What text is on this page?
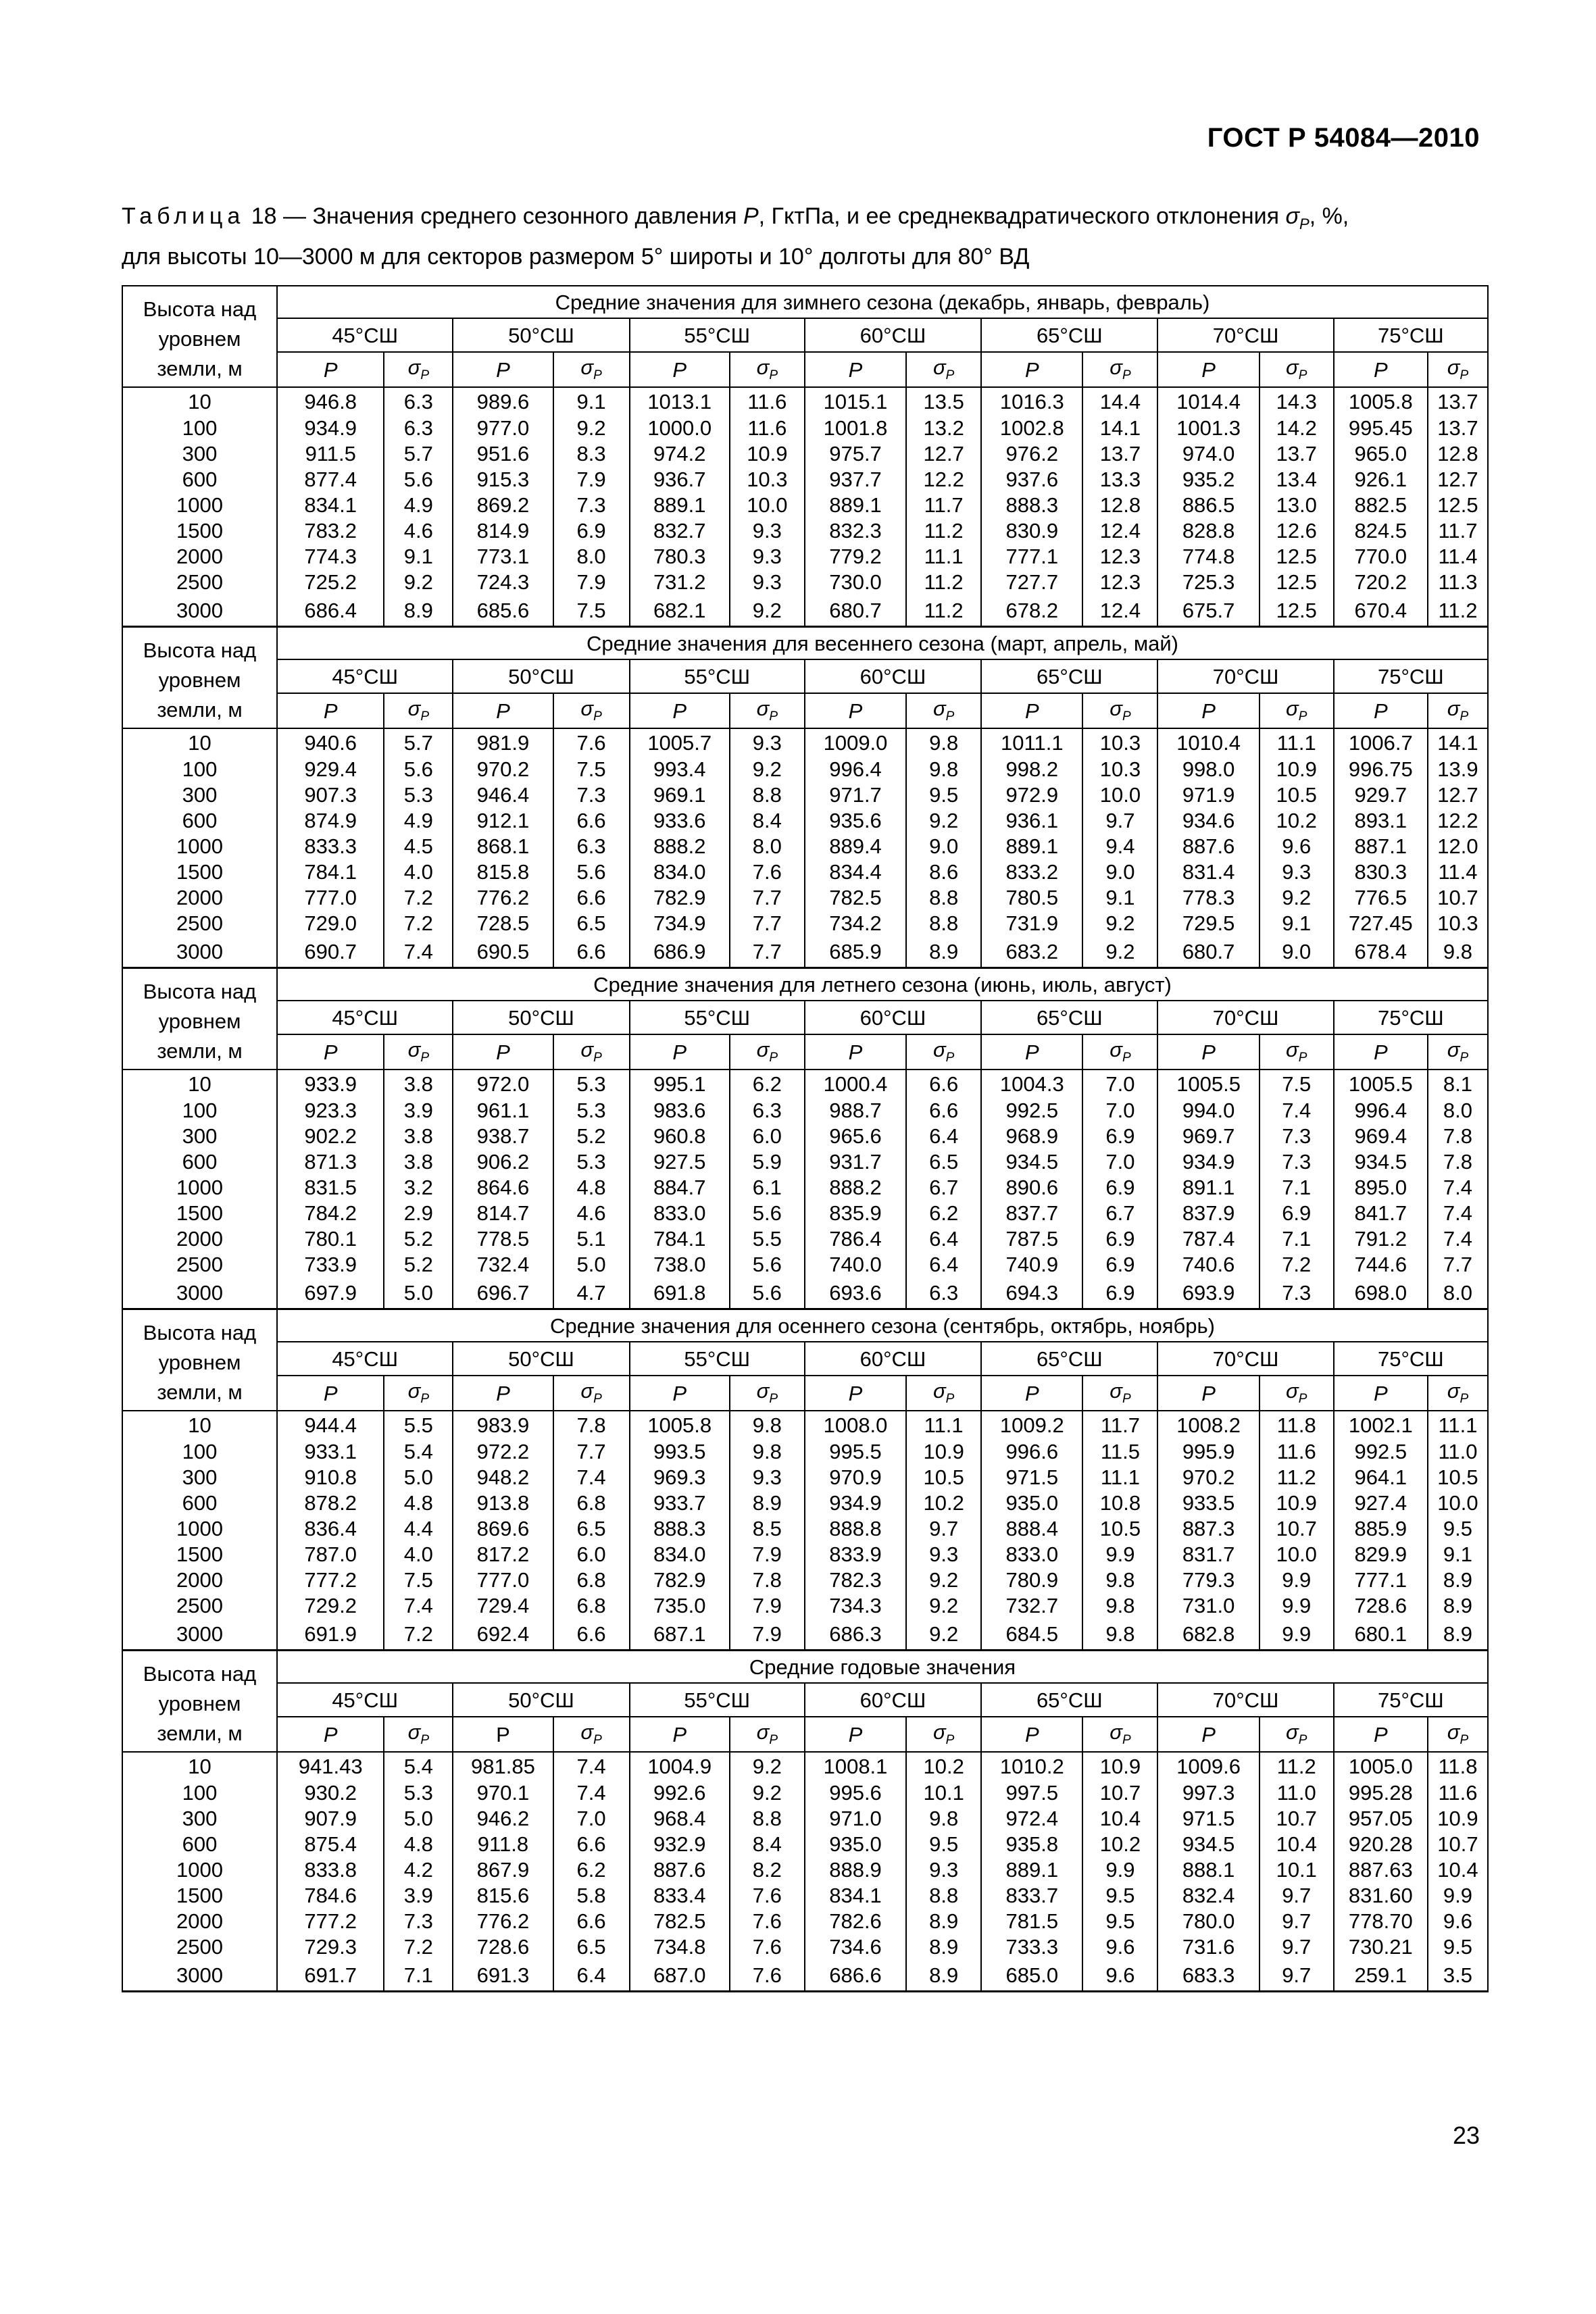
ГОСТ Р 54084—2010
Таблица 18 — Значения среднего сезонного давления Р, ГктПа, и ее среднеквадратического отклонения $\sigma_P$, %,
для высоты 10—3000 м для секторов размером 5° широты и 10° долготы для 80° ВД
Высота над уровнем земли, м	Средние значения для зимнего сезона (декабрь, январь, февраль)													
	45°СШ		50°СШ		55°СШ		60°СШ		65°СШ		70°СШ		75°СШ	
	P	$\sigma_P$	P	$\sigma_P$	P	$\sigma_P$	P	$\sigma_P$	P	$\sigma_P$	P	$\sigma_P$	P	$\sigma_P$
10	946.8	6.3	989.6	9.1	1013.1	11.6	1015.1	13.5	1016.3	14.4	1014.4	14.3	1005.8	13.7
100	934.9	6.3	977.0	9.2	1000.0	11.6	1001.8	13.2	1002.8	14.1	1001.3	14.2	995.45	13.7
300	911.5	5.7	951.6	8.3	974.2	10.9	975.7	12.7	976.2	13.7	974.0	13.7	965.0	12.8
600	877.4	5.6	915.3	7.9	936.7	10.3	937.7	12.2	937.6	13.3	935.2	13.4	926.1	12.7
1000	834.1	4.9	869.2	7.3	889.1	10.0	889.1	11.7	888.3	12.8	886.5	13.0	882.5	12.5
1500	783.2	4.6	814.9	6.9	832.7	9.3	832.3	11.2	830.9	12.4	828.8	12.6	824.5	11.7
2000	774.3	9.1	773.1	8.0	780.3	9.3	779.2	11.1	777.1	12.3	774.8	12.5	770.0	11.4
2500	725.2	9.2	724.3	7.9	731.2	9.3	730.0	11.2	727.7	12.3	725.3	12.5	720.2	11.3
3000	686.4	8.9	685.6	7.5	682.1	9.2	680.7	11.2	678.2	12.4	675.7	12.5	670.4	11.2
Высота над уровнем земли, м	Средние значения для весеннего сезона (март, апрель, май)													
	45°СШ		50°СШ		55°СШ		60°СШ		65°СШ		70°СШ		75°СШ	
	P	$\sigma_P$	P	$\sigma_P$	P	$\sigma_P$	P	$\sigma_P$	P	$\sigma_P$	P	$\sigma_P$	P	$\sigma_P$
10	940.6	5.7	981.9	7.6	1005.7	9.3	1009.0	9.8	1011.1	10.3	1010.4	11.1	1006.7	14.1
100	929.4	5.6	970.2	7.5	993.4	9.2	996.4	9.8	998.2	10.3	998.0	10.9	996.75	13.9
300	907.3	5.3	946.4	7.3	969.1	8.8	971.7	9.5	972.9	10.0	971.9	10.5	929.7	12.7
600	874.9	4.9	912.1	6.6	933.6	8.4	935.6	9.2	936.1	9.7	934.6	10.2	893.1	12.2
1000	833.3	4.5	868.1	6.3	888.2	8.0	889.4	9.0	889.1	9.4	887.6	9.6	887.1	12.0
1500	784.1	4.0	815.8	5.6	834.0	7.6	834.4	8.6	833.2	9.0	831.4	9.3	830.3	11.4
2000	777.0	7.2	776.2	6.6	782.9	7.7	782.5	8.8	780.5	9.1	778.3	9.2	776.5	10.7
2500	729.0	7.2	728.5	6.5	734.9	7.7	734.2	8.8	731.9	9.2	729.5	9.1	727.45	10.3
3000	690.7	7.4	690.5	6.6	686.9	7.7	685.9	8.9	683.2	9.2	680.7	9.0	678.4	9.8
Высота над уровнем земли, м	Средние значения для летнего сезона (июнь, июль, август)													
	45°СШ		50°СШ		55°СШ		60°СШ		65°СШ		70°СШ		75°СШ	
	P	$\sigma_P$	P	$\sigma_P$	P	$\sigma_P$	P	$\sigma_P$	P	$\sigma_P$	P	$\sigma_P$	P	$\sigma_P$
10	933.9	3.8	972.0	5.3	995.1	6.2	1000.4	6.6	1004.3	7.0	1005.5	7.5	1005.5	8.1
100	923.3	3.9	961.1	5.3	983.6	6.3	988.7	6.6	992.5	7.0	994.0	7.4	996.4	8.0
300	902.2	3.8	938.7	5.2	960.8	6.0	965.6	6.4	968.9	6.9	969.7	7.3	969.4	7.8
600	871.3	3.8	906.2	5.3	927.5	5.9	931.7	6.5	934.5	7.0	934.9	7.3	934.5	7.8
1000	831.5	3.2	864.6	4.8	884.7	6.1	888.2	6.7	890.6	6.9	891.1	7.1	895.0	7.4
1500	784.2	2.9	814.7	4.6	833.0	5.6	835.9	6.2	837.7	6.7	837.9	6.9	841.7	7.4
2000	780.1	5.2	778.5	5.1	784.1	5.5	786.4	6.4	787.5	6.9	787.4	7.1	791.2	7.4
2500	733.9	5.2	732.4	5.0	738.0	5.6	740.0	6.4	740.9	6.9	740.6	7.2	744.6	7.7
3000	697.9	5.0	696.7	4.7	691.8	5.6	693.6	6.3	694.3	6.9	693.9	7.3	698.0	8.0
Высота над уровнем земли, м	Средние значения для осеннего сезона (сентябрь, октябрь, ноябрь)													
	45°СШ		50°СШ		55°СШ		60°СШ		65°СШ		70°СШ		75°СШ	
	P	$\sigma_P$	P	$\sigma_P$	P	$\sigma_P$	P	$\sigma_P$	P	$\sigma_P$	P	$\sigma_P$	P	$\sigma_P$
10	944.4	5.5	983.9	7.8	1005.8	9.8	1008.0	11.1	1009.2	11.7	1008.2	11.8	1002.1	11.1
100	933.1	5.4	972.2	7.7	993.5	9.8	995.5	10.9	996.6	11.5	995.9	11.6	992.5	11.0
300	910.8	5.0	948.2	7.4	969.3	9.3	970.9	10.5	971.5	11.1	970.2	11.2	964.1	10.5
600	878.2	4.8	913.8	6.8	933.7	8.9	934.9	10.2	935.0	10.8	933.5	10.9	927.4	10.0
1000	836.4	4.4	869.6	6.5	888.3	8.5	888.8	9.7	888.4	10.5	887.3	10.7	885.9	9.5
1500	787.0	4.0	817.2	6.0	834.0	7.9	833.9	9.3	833.0	9.9	831.7	10.0	829.9	9.1
2000	777.2	7.5	777.0	6.8	782.9	7.8	782.3	9.2	780.9	9.8	779.3	9.9	777.1	8.9
2500	729.2	7.4	729.4	6.8	735.0	7.9	734.3	9.2	732.7	9.8	731.0	9.9	728.6	8.9
3000	691.9	7.2	692.4	6.6	687.1	7.9	686.3	9.2	684.5	9.8	682.8	9.9	680.1	8.9
Высота над уровнем земли, м	Средние годовые значения													
	45°СШ		50°СШ		55°СШ		60°СШ		65°СШ		70°СШ		75°СШ	
	P	$\sigma_P$	Р	$\sigma_P$	P	$\sigma_P$	P	$\sigma_P$	P	$\sigma_P$	P	$\sigma_P$	P	$\sigma_P$
10	941.43	5.4	981.85	7.4	1004.9	9.2	1008.1	10.2	1010.2	10.9	1009.6	11.2	1005.0	11.8
100	930.2	5.3	970.1	7.4	992.6	9.2	995.6	10.1	997.5	10.7	997.3	11.0	995.28	11.6
300	907.9	5.0	946.2	7.0	968.4	8.8	971.0	9.8	972.4	10.4	971.5	10.7	957.05	10.9
600	875.4	4.8	911.8	6.6	932.9	8.4	935.0	9.5	935.8	10.2	934.5	10.4	920.28	10.7
1000	833.8	4.2	867.9	6.2	887.6	8.2	888.9	9.3	889.1	9.9	888.1	10.1	887.63	10.4
1500	784.6	3.9	815.6	5.8	833.4	7.6	834.1	8.8	833.7	9.5	832.4	9.7	831.60	9.9
2000	777.2	7.3	776.2	6.6	782.5	7.6	782.6	8.9	781.5	9.5	780.0	9.7	778.70	9.6
2500	729.3	7.2	728.6	6.5	734.8	7.6	734.6	8.9	733.3	9.6	731.6	9.7	730.21	9.5
3000	691.7	7.1	691.3	6.4	687.0	7.6	686.6	8.9	685.0	9.6	683.3	9.7	259.1	3.5
23
